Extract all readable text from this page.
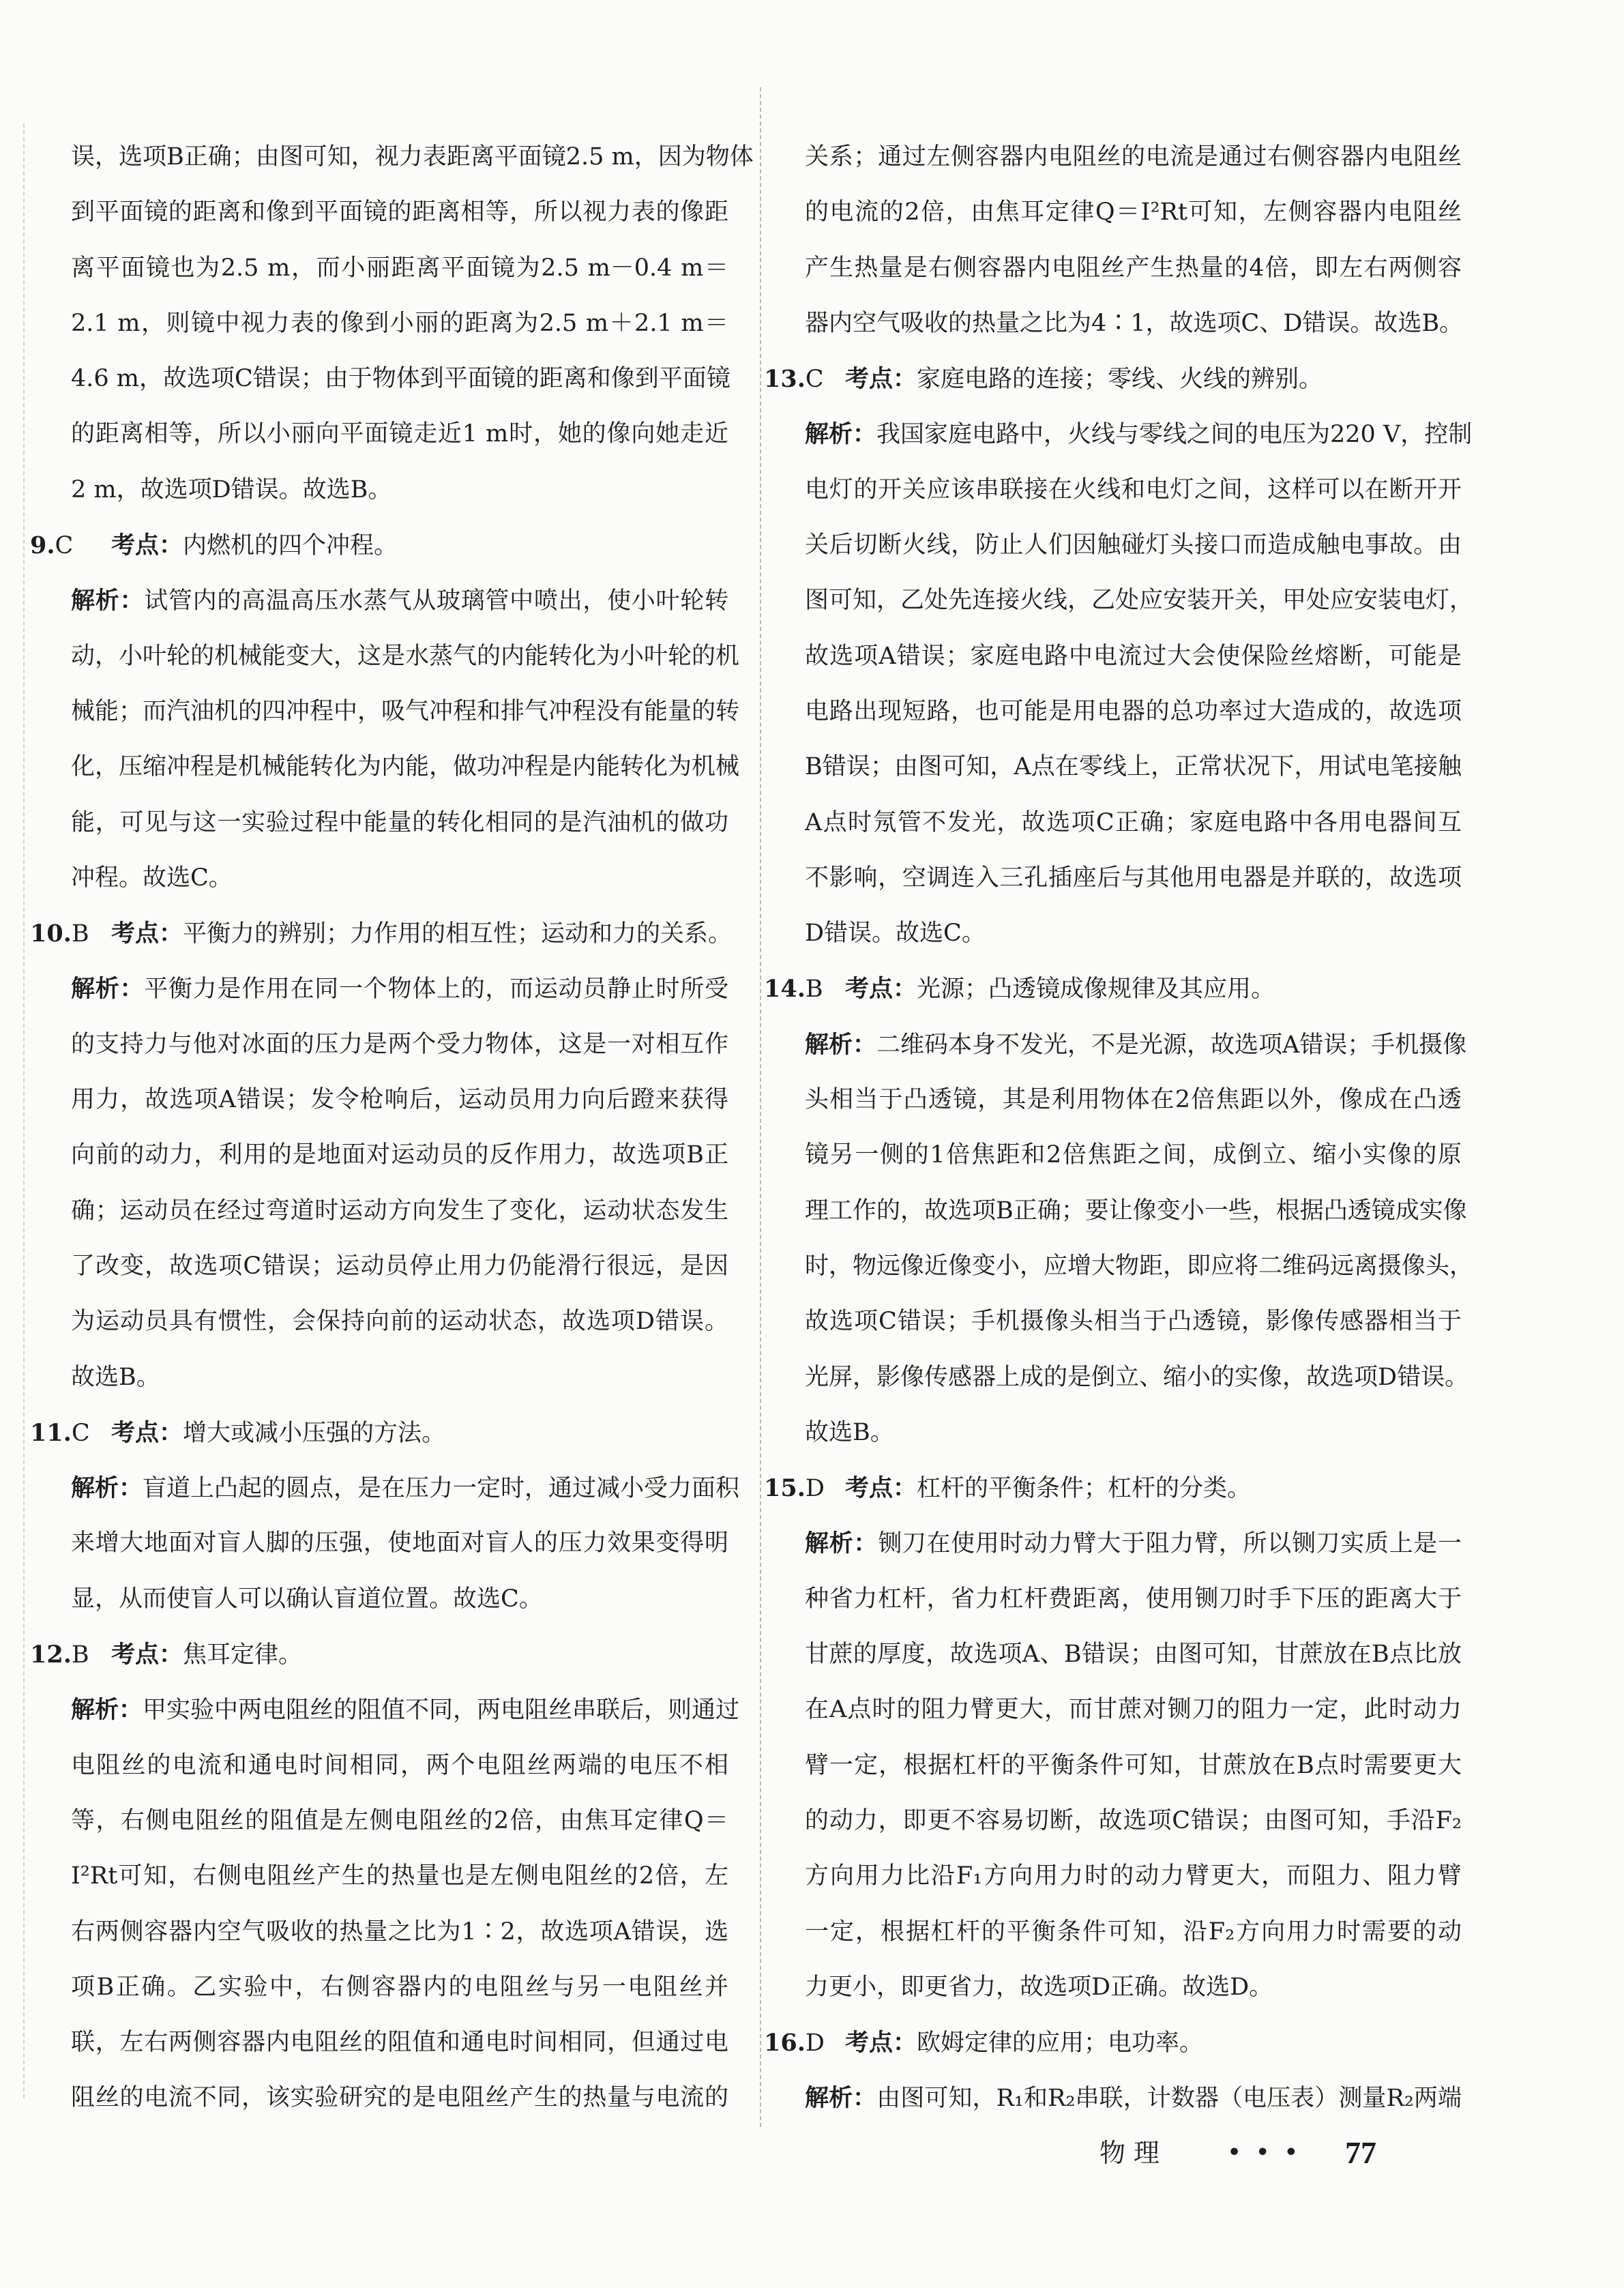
误，选项B正确；由图可知，视力表距离平面镜2.5 m，因为物体
到平面镜的距离和像到平面镜的距离相等，所以视力表的像距
离平面镜也为2.5 m，而小丽距离平面镜为2.5 m－0.4 m＝
2.1 m，则镜中视力表的像到小丽的距离为2.5 m＋2.1 m＝
4.6 m，故选项C错误；由于物体到平面镜的距离和像到平面镜
的距离相等，所以小丽向平面镜走近1 m时，她的像向她走近
2 m，故选项D错误。故选B。
9.C 考点：内燃机的四个冲程。
解析：试管内的高温高压水蒸气从玻璃管中喷出，使小叶轮转
动，小叶轮的机械能变大，这是水蒸气的内能转化为小叶轮的机
械能；而汽油机的四冲程中，吸气冲程和排气冲程没有能量的转
化，压缩冲程是机械能转化为内能，做功冲程是内能转化为机械
能，可见与这一实验过程中能量的转化相同的是汽油机的做功
冲程。故选C。
10.B 考点：平衡力的辨别；力作用的相互性；运动和力的关系。
解析：平衡力是作用在同一个物体上的，而运动员静止时所受
的支持力与他对冰面的压力是两个受力物体，这是一对相互作
用力，故选项A错误；发令枪响后，运动员用力向后蹬来获得
向前的动力，利用的是地面对运动员的反作用力，故选项B正
确；运动员在经过弯道时运动方向发生了变化，运动状态发生
了改变，故选项C错误；运动员停止用力仍能滑行很远，是因
为运动员具有惯性，会保持向前的运动状态，故选项D错误。
故选B。
11.C 考点：增大或减小压强的方法。
解析：盲道上凸起的圆点，是在压力一定时，通过减小受力面积
来增大地面对盲人脚的压强，使地面对盲人的压力效果变得明
显，从而使盲人可以确认盲道位置。故选C。
12.B 考点：焦耳定律。
解析：甲实验中两电阻丝的阻值不同，两电阻丝串联后，则通过
电阻丝的电流和通电时间相同，两个电阻丝两端的电压不相
等，右侧电阻丝的阻值是左侧电阻丝的2倍，由焦耳定律Q＝
I²Rt可知，右侧电阻丝产生的热量也是左侧电阻丝的2倍，左
右两侧容器内空气吸收的热量之比为1∶2，故选项A错误，选
项B正确。乙实验中，右侧容器内的电阻丝与另一电阻丝并
联，左右两侧容器内电阻丝的阻值和通电时间相同，但通过电
阻丝的电流不同，该实验研究的是电阻丝产生的热量与电流的
关系；通过左侧容器内电阻丝的电流是通过右侧容器内电阻丝
的电流的2倍，由焦耳定律Q＝I²Rt可知，左侧容器内电阻丝
产生热量是右侧容器内电阻丝产生热量的4倍，即左右两侧容
器内空气吸收的热量之比为4∶1，故选项C、D错误。故选B。
13.C 考点：家庭电路的连接；零线、火线的辨别。
解析：我国家庭电路中，火线与零线之间的电压为220 V，控制
电灯的开关应该串联接在火线和电灯之间，这样可以在断开开
关后切断火线，防止人们因触碰灯头接口而造成触电事故。由
图可知，乙处先连接火线，乙处应安装开关，甲处应安装电灯，
故选项A错误；家庭电路中电流过大会使保险丝熔断，可能是
电路出现短路，也可能是用电器的总功率过大造成的，故选项
B错误；由图可知，A点在零线上，正常状况下，用试电笔接触
A点时氖管不发光，故选项C正确；家庭电路中各用电器间互
不影响，空调连入三孔插座后与其他用电器是并联的，故选项
D错误。故选C。
14.B 考点：光源；凸透镜成像规律及其应用。
解析：二维码本身不发光，不是光源，故选项A错误；手机摄像
头相当于凸透镜，其是利用物体在2倍焦距以外，像成在凸透
镜另一侧的1倍焦距和2倍焦距之间，成倒立、缩小实像的原
理工作的，故选项B正确；要让像变小一些，根据凸透镜成实像
时，物远像近像变小，应增大物距，即应将二维码远离摄像头，
故选项C错误；手机摄像头相当于凸透镜，影像传感器相当于
光屏，影像传感器上成的是倒立、缩小的实像，故选项D错误。
故选B。
15.D 考点：杠杆的平衡条件；杠杆的分类。
解析：铡刀在使用时动力臂大于阻力臂，所以铡刀实质上是一
种省力杠杆，省力杠杆费距离，使用铡刀时手下压的距离大于
甘蔗的厚度，故选项A、B错误；由图可知，甘蔗放在B点比放
在A点时的阻力臂更大，而甘蔗对铡刀的阻力一定，此时动力
臂一定，根据杠杆的平衡条件可知，甘蔗放在B点时需要更大
的动力，即更不容易切断，故选项C错误；由图可知，手沿F₂
方向用力比沿F₁方向用力时的动力臂更大，而阻力、阻力臂
一定，根据杠杆的平衡条件可知，沿F₂方向用力时需要的动
力更小，即更省力，故选项D正确。故选D。
16.D 考点：欧姆定律的应用；电功率。
解析：由图可知，R₁和R₂串联，计数器（电压表）测量R₂两端
物理	• • • 77
